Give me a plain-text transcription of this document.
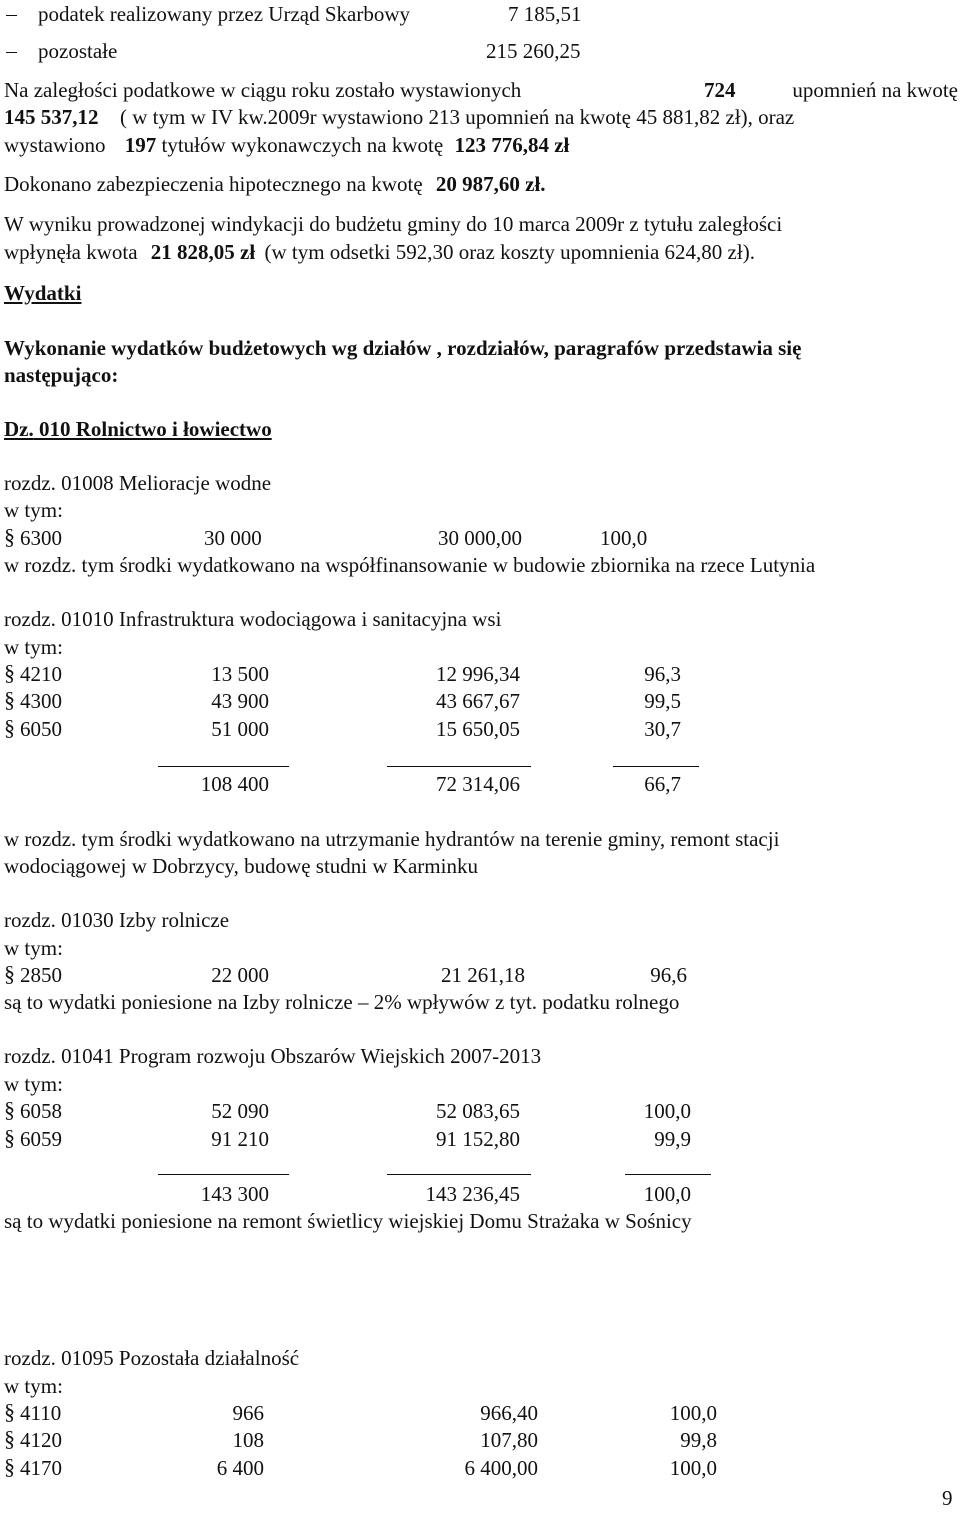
podatek realizowany przez Urząd Skarbowy	7 185,51
pozostałe	215 260,25
Na zaległości podatkowe w ciągu roku zostało wystawionych	724	upomnień na kwotę
145 537,12 ( w tym w IV kw.2009r wystawiono 213 upomnień na kwotę 45 881,82 zł), oraz
wystawiono 197 tytułów wykonawczych na kwotę 123 776,84 zł
Dokonano zabezpieczenia hipotecznego na kwotę 20 987,60 zł.
W wyniku prowadzonej windykacji do budżetu gminy do 10 marca 2009r z tytułu zaległości
wpłynęła kwota 21 828,05 zł (w tym odsetki 592,30 oraz koszty upomnienia 624,80 zł).
Wydatki
Wykonanie wydatków budżetowych wg działów , rozdziałów, paragrafów przedstawia się
następująco:
Dz. 010 Rolnictwo i łowiectwo
rozdz. 01008 Melioracje wodne
w tym:
§ 6300	30 000	30 000,00	100,0
w rozdz. tym środki wydatkowano na współfinansowanie w budowie zbiornika na rzece Lutynia
rozdz. 01010 Infrastruktura wodociągowa i sanitacyjna wsi
w tym:
§ 4210	13 500	12 996,34	96,3
§ 4300	43 900	43 667,67	99,5
§ 6050	51 000	15 650,05	30,7
108 400	72 314,06	66,7
w rozdz. tym środki wydatkowano na utrzymanie hydrantów na terenie gminy, remont stacji
wodociągowej w Dobrzycy, budowę studni w Karminku
rozdz. 01030 Izby rolnicze
w tym:
§ 2850	22 000	21 261,18	96,6
są to wydatki poniesione na Izby rolnicze – 2% wpływów z tyt. podatku rolnego
rozdz. 01041 Program rozwoju Obszarów Wiejskich 2007-2013
w tym:
§ 6058	52 090	52 083,65	100,0
§ 6059	91 210	91 152,80	99,9
143 300	143 236,45	100,0
są to wydatki poniesione na remont świetlicy wiejskiej Domu Strażaka w Sośnicy
rozdz. 01095 Pozostała działalność
w tym:
§ 4110	966	966,40	100,0
§ 4120	108	107,80	99,8
§ 4170	6 400	6 400,00	100,0
9
